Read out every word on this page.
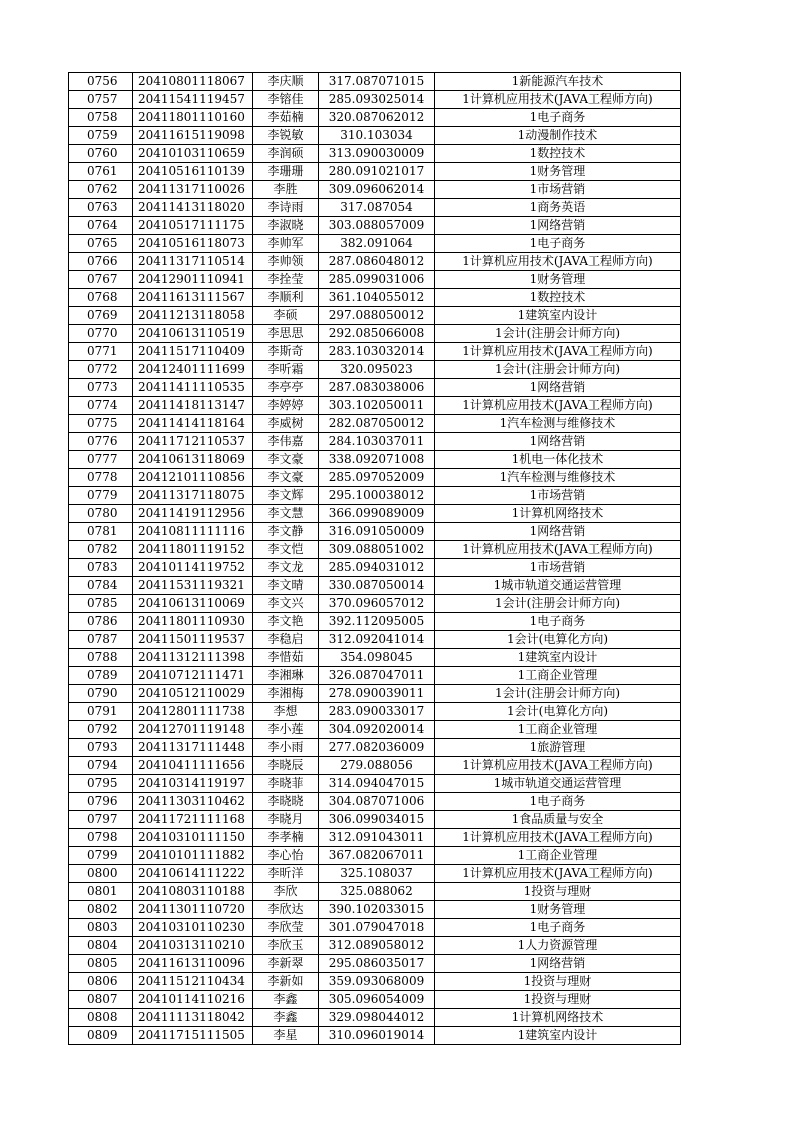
0756	20410801118067	李庆顺	317.087071015	1新能源汽车技术
0757	20411541119457	李镕佳	285.093025014	1计算机应用技术(JAVA工程师方向)
0758	20411801110160	李茹楠	320.087062012	1电子商务
0759	20411615119098	李锐敏	310.103034	1动漫制作技术
0760	20410103110659	李润硕	313.090030009	1数控技术
0761	20410516110139	李珊珊	280.091021017	1财务管理
0762	20411317110026	李胜	309.096062014	1市场营销
0763	20411413118020	李诗雨	317.087054	1商务英语
0764	20410517111175	李淑晓	303.088057009	1网络营销
0765	20410516118073	李帅军	382.091064	1电子商务
0766	20411317110514	李帅领	287.086048012	1计算机应用技术(JAVA工程师方向)
0767	20412901110941	李拴莹	285.099031006	1财务管理
0768	20411613111567	李顺利	361.104055012	1数控技术
0769	20411213118058	李硕	297.088050012	1建筑室内设计
0770	20410613110519	李思思	292.085066008	1会计(注册会计师方向)
0771	20411517110409	李斯奇	283.103032014	1计算机应用技术(JAVA工程师方向)
0772	20412401111699	李听霜	320.095023	1会计(注册会计师方向)
0773	20411411110535	李亭亭	287.083038006	1网络营销
0774	20411418113147	李婷婷	303.102050011	1计算机应用技术(JAVA工程师方向)
0775	20411414118164	李威树	282.087050012	1汽车检测与维修技术
0776	20411712110537	李伟嘉	284.103037011	1网络营销
0777	20410613118069	李文豪	338.092071008	1机电一体化技术
0778	20412101110856	李文豪	285.097052009	1汽车检测与维修技术
0779	20411317118075	李文辉	295.100038012	1市场营销
0780	20411419112956	李文慧	366.099089009	1计算机网络技术
0781	20410811111116	李文静	316.091050009	1网络营销
0782	20411801119152	李文恺	309.088051002	1计算机应用技术(JAVA工程师方向)
0783	20410114119752	李文龙	285.094031012	1市场营销
0784	20411531119321	李文晴	330.087050014	1城市轨道交通运营管理
0785	20410613110069	李文兴	370.096057012	1会计(注册会计师方向)
0786	20411801110930	李文艳	392.112095005	1电子商务
0787	20411501119537	李稳启	312.092041014	1会计(电算化方向)
0788	20411312111398	李惜茹	354.098045	1建筑室内设计
0789	20410712111471	李湘琳	326.087047011	1工商企业管理
0790	20410512110029	李湘梅	278.090039011	1会计(注册会计师方向)
0791	20412801111738	李想	283.090033017	1会计(电算化方向)
0792	20412701119148	李小莲	304.092020014	1工商企业管理
0793	20411317111448	李小雨	277.082036009	1旅游管理
0794	20410411111656	李晓辰	279.088056	1计算机应用技术(JAVA工程师方向)
0795	20410314119197	李晓菲	314.094047015	1城市轨道交通运营管理
0796	20411303110462	李晓晓	304.087071006	1电子商务
0797	20411721111168	李晓月	306.099034015	1食品质量与安全
0798	20410310111150	李孝楠	312.091043011	1计算机应用技术(JAVA工程师方向)
0799	20410101111882	李心怡	367.082067011	1工商企业管理
0800	20410614111222	李昕洋	325.108037	1计算机应用技术(JAVA工程师方向)
0801	20410803110188	李欣	325.088062	1投资与理财
0802	20411301110720	李欣达	390.102033015	1财务管理
0803	20410310110230	李欣莹	301.079047018	1电子商务
0804	20410313110210	李欣玉	312.089058012	1人力资源管理
0805	20411613110096	李新翠	295.086035017	1网络营销
0806	20411512110434	李新如	359.093068009	1投资与理财
0807	20410114110216	李鑫	305.096054009	1投资与理财
0808	20411113118042	李鑫	329.098044012	1计算机网络技术
0809	20411715111505	李星	310.096019014	1建筑室内设计
